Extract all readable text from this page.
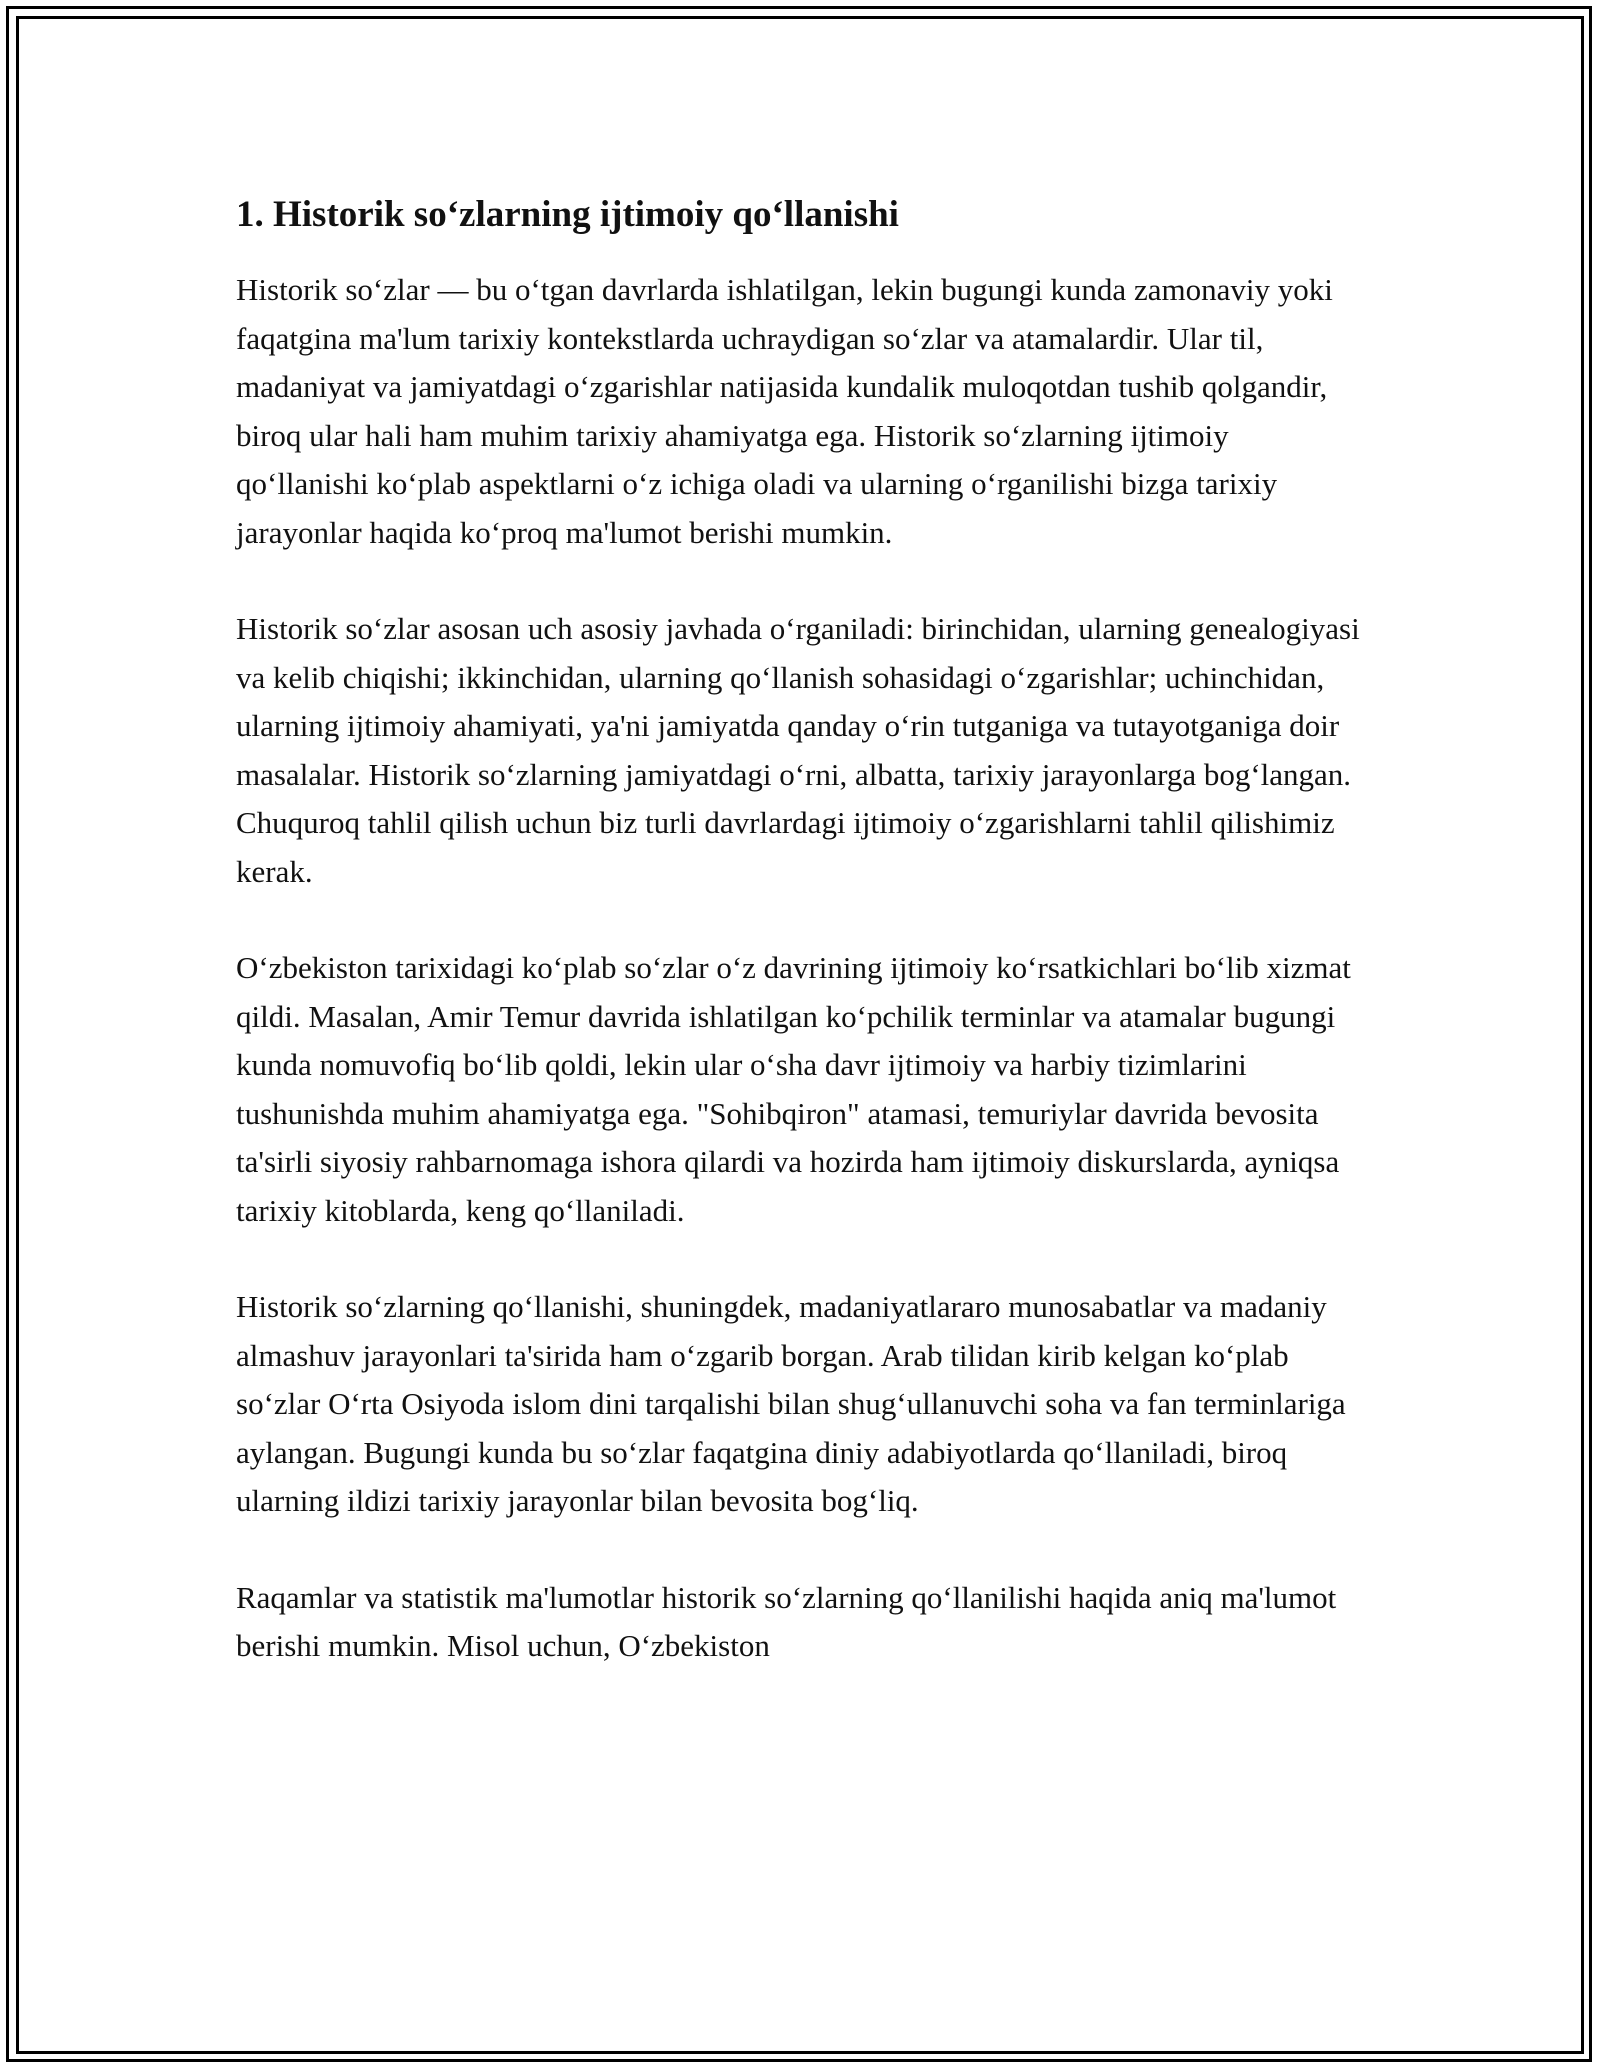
1. Historik so‘zlarning ijtimoiy qo‘llanishi

Historik so‘zlar — bu o‘tgan davrlarda ishlatilgan, lekin bugungi kunda zamonaviy yoki faqatgina ma'lum tarixiy kontekstlarda uchraydigan so‘zlar va atamalardir. Ular til, madaniyat va jamiyatdagi o‘zgarishlar natijasida kundalik muloqotdan tushib qolgandir, biroq ular hali ham muhim tarixiy ahamiyatga ega. Historik so‘zlarning ijtimoiy qo‘llanishi ko‘plab aspektlarni o‘z ichiga oladi va ularning o‘rganilishi bizga tarixiy jarayonlar haqida ko‘proq ma'lumot berishi mumkin.

Historik so‘zlar asosan uch asosiy javhada o‘rganiladi: birinchidan, ularning genealogiyasi va kelib chiqishi; ikkinchidan, ularning qo‘llanish sohasidagi o‘zgarishlar; uchinchidan, ularning ijtimoiy ahamiyati, ya'ni jamiyatda qanday o‘rin tutganiga va tutayotganiga doir masalalar. Historik so‘zlarning jamiyatdagi o‘rni, albatta, tarixiy jarayonlarga bog‘langan. Chuquroq tahlil qilish uchun biz turli davrlardagi ijtimoiy o‘zgarishlarni tahlil qilishimiz kerak.

O‘zbekiston tarixidagi ko‘plab so‘zlar o‘z davrining ijtimoiy ko‘rsatkichlari bo‘lib xizmat qildi. Masalan, Amir Temur davrida ishlatilgan ko‘pchilik terminlar va atamalar bugungi kunda nomuvofiq bo‘lib qoldi, lekin ular o‘sha davr ijtimoiy va harbiy tizimlarini tushunishda muhim ahamiyatga ega. "Sohibqiron" atamasi, temuriylar davrida bevosita ta'sirli siyosiy rahbarnomaga ishora qilardi va hozirda ham ijtimoiy diskurslarda, ayniqsa tarixiy kitoblarda, keng qo‘llaniladi.

Historik so‘zlarning qo‘llanishi, shuningdek, madaniyatlararo munosabatlar va madaniy almashuv jarayonlari ta'sirida ham o‘zgarib borgan. Arab tilidan kirib kelgan ko‘plab so‘zlar O‘rta Osiyoda islom dini tarqalishi bilan shug‘ullanuvchi soha va fan terminlariga aylangan. Bugungi kunda bu so‘zlar faqatgina diniy adabiyotlarda qo‘llaniladi, biroq ularning ildizi tarixiy jarayonlar bilan bevosita bog‘liq.

Raqamlar va statistik ma'lumotlar historik so‘zlarning qo‘llanilishi haqida aniq ma'lumot berishi mumkin. Misol uchun, O‘zbekiston
